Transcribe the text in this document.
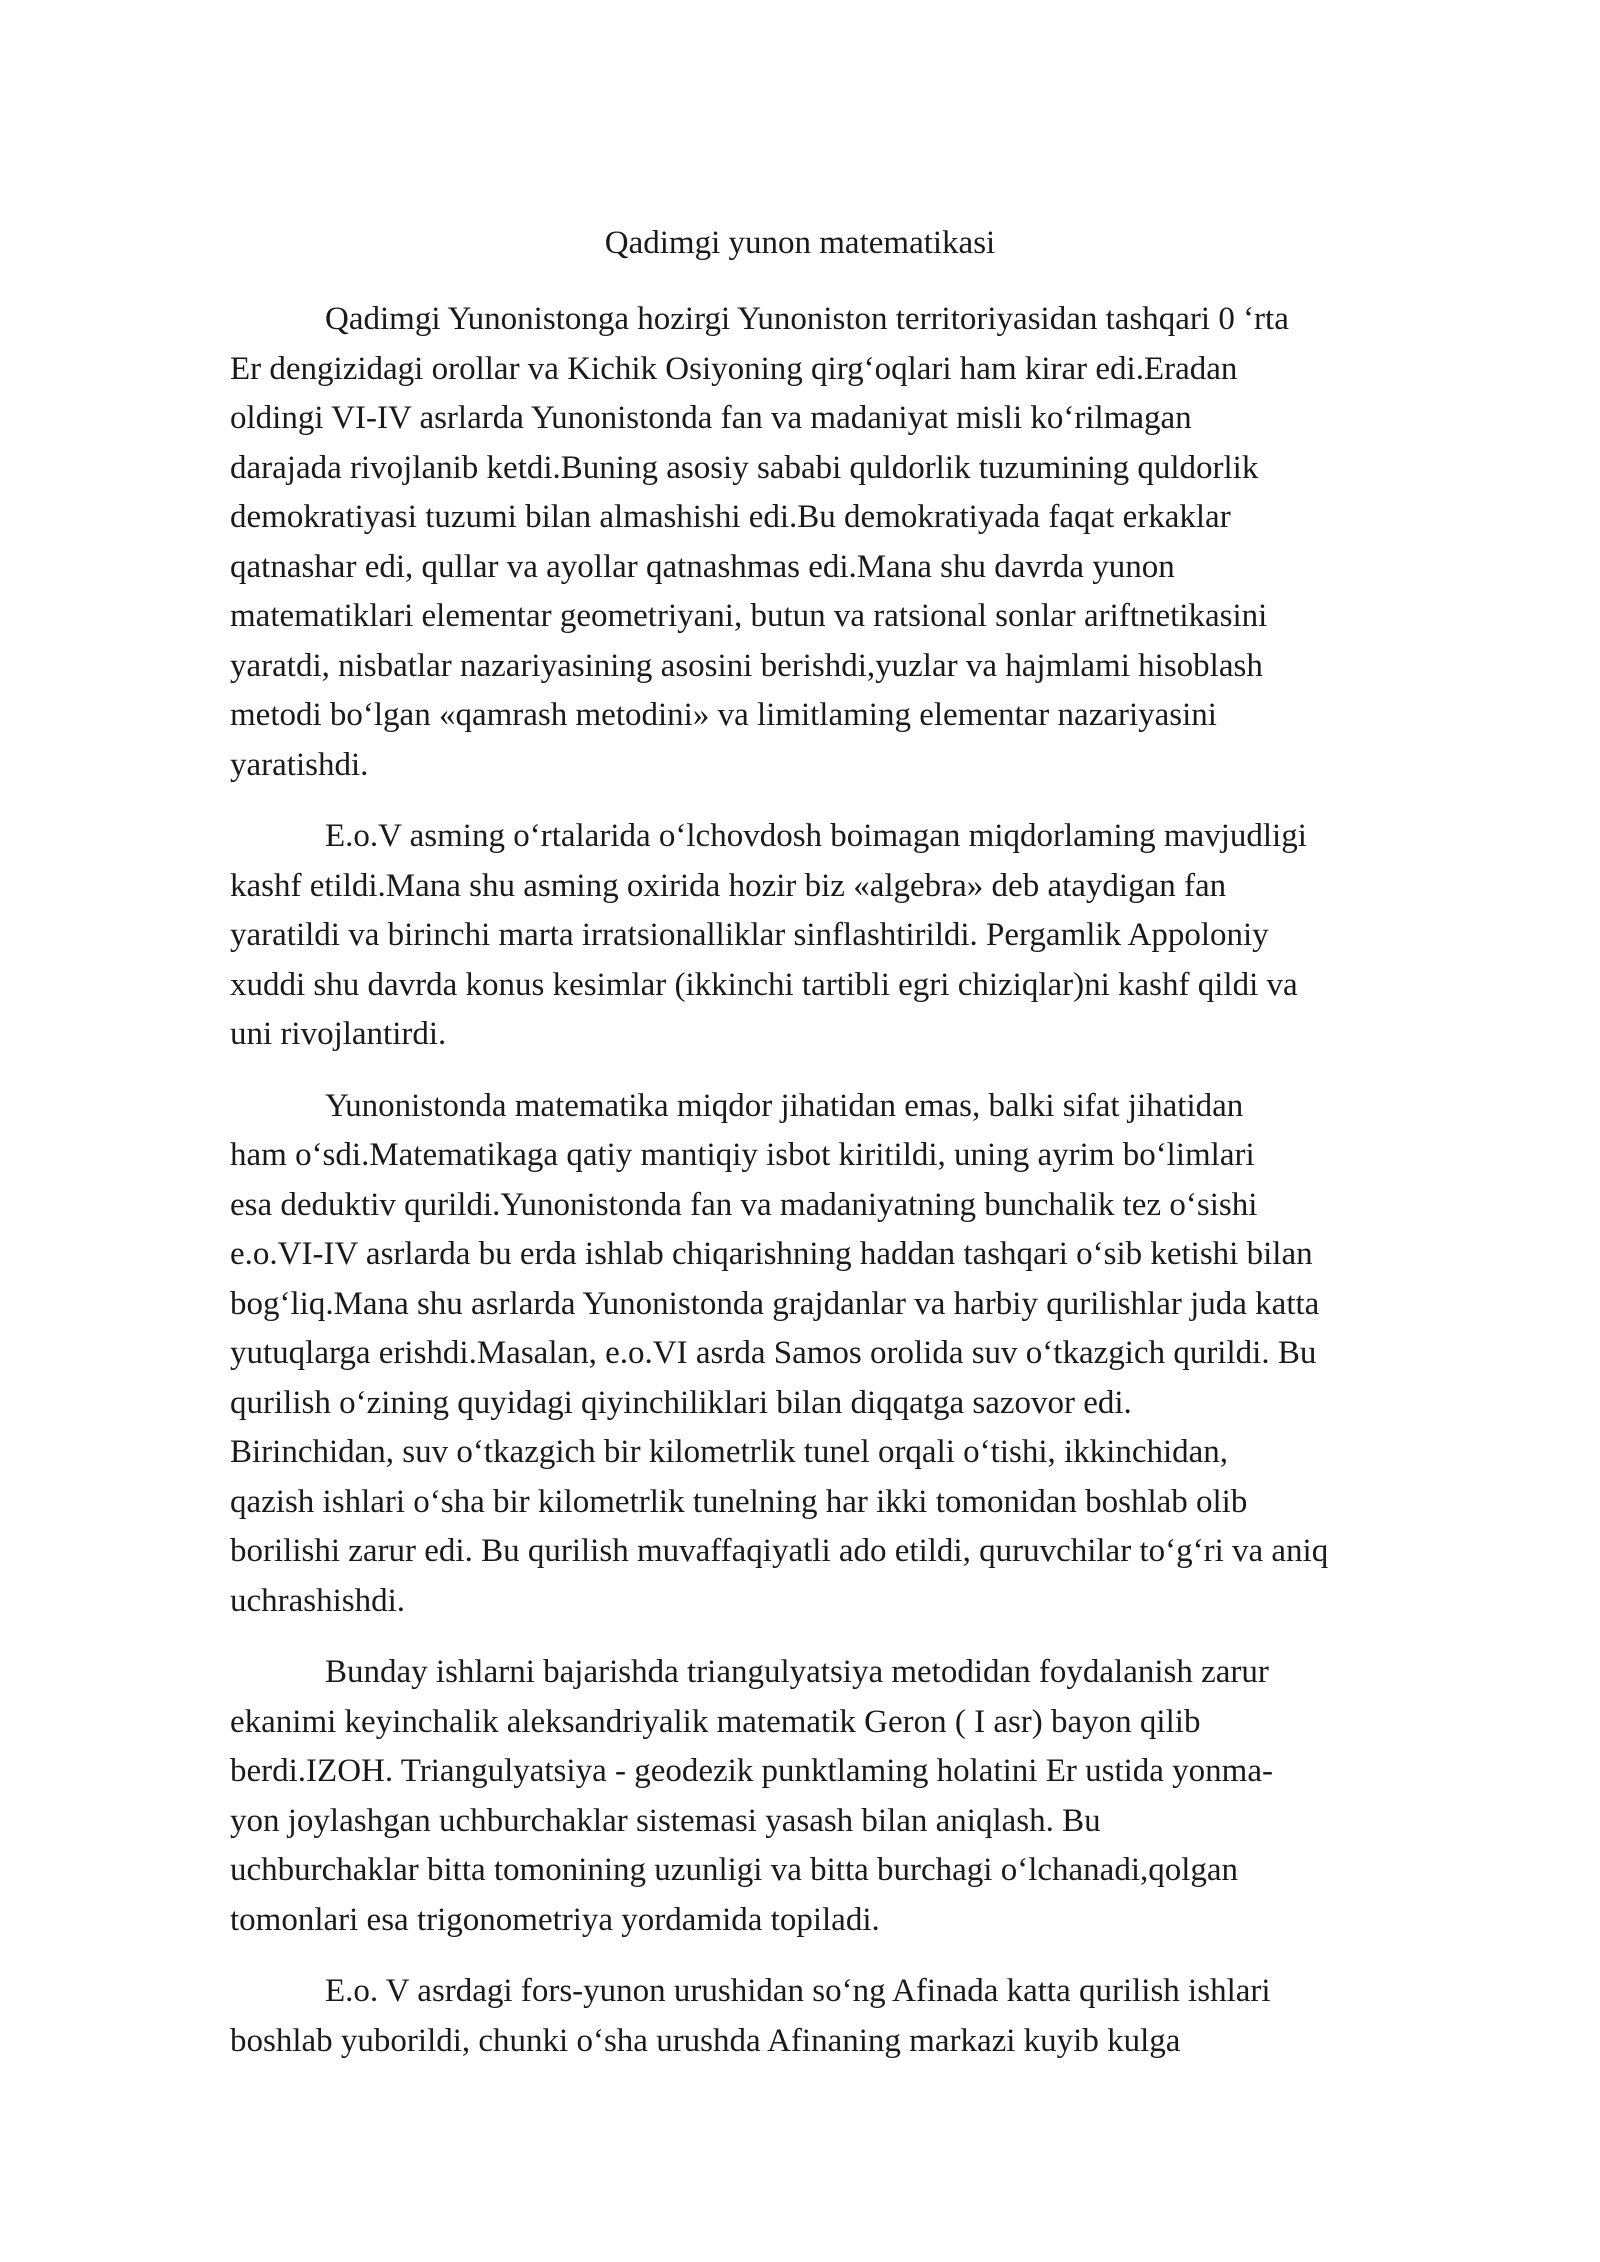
Qadimgi yunon matematikasi

Qadimgi Yunonistonga hozirgi Yunoniston territoriyasidan tashqari 0 ‘rta
Er dengizidagi orollar va Kichik Osiyoning qirg‘oqlari ham kirar edi.Eradan
oldingi VI-IV asrlarda Yunonistonda fan va madaniyat misli ko‘rilmagan
darajada rivojlanib ketdi.Buning asosiy sababi quldorlik tuzumining quldorlik
demokratiyasi tuzumi bilan almashishi edi.Bu demokratiyada faqat erkaklar
qatnashar edi, qullar va ayollar qatnashmas edi.Mana shu davrda yunon
matematiklari elementar geometriyani, butun va ratsional sonlar ariftnetikasini
yaratdi, nisbatlar nazariyasining asosini berishdi,yuzlar va hajmlami hisoblash
metodi bo‘lgan «qamrash metodini» va limitlaming elementar nazariyasini
yaratishdi.

E.o.V asming o‘rtalarida o‘lchovdosh boimagan miqdorlaming mavjudligi
kashf etildi.Mana shu asming oxirida hozir biz «algebra» deb ataydigan fan
yaratildi va birinchi marta irratsionalliklar sinflashtirildi. Pergamlik Appoloniy
xuddi shu davrda konus kesimlar (ikkinchi tartibli egri chiziqlar)ni kashf qildi va
uni rivojlantirdi.

Yunonistonda matematika miqdor jihatidan emas, balki sifat jihatidan
ham o‘sdi.Matematikaga qatiy mantiqiy isbot kiritildi, uning ayrim bo‘limlari
esa deduktiv qurildi.Yunonistonda fan va madaniyatning bunchalik tez o‘sishi
e.o.VI-IV asrlarda bu erda ishlab chiqarishning haddan tashqari o‘sib ketishi bilan
bog‘liq.Mana shu asrlarda Yunonistonda grajdanlar va harbiy qurilishlar juda katta
yutuqlarga erishdi.Masalan, e.o.VI asrda Samos orolida suv o‘tkazgich qurildi. Bu
qurilish o‘zining quyidagi qiyinchiliklari bilan diqqatga sazovor edi.
Birinchidan, suv o‘tkazgich bir kilometrlik tunel orqali o‘tishi, ikkinchidan,
qazish ishlari o‘sha bir kilometrlik tunelning har ikki tomonidan boshlab olib
borilishi zarur edi. Bu qurilish muvaffaqiyatli ado etildi, quruvchilar to‘g‘ri va aniq
uchrashishdi.

Bunday ishlarni bajarishda triangulyatsiya metodidan foydalanish zarur
ekanimi keyinchalik aleksandriyalik matematik Geron ( I asr) bayon qilib
berdi.IZOH. Triangulyatsiya - geodezik punktlaming holatini Er ustida yonma-
yon joylashgan uchburchaklar sistemasi yasash bilan aniqlash. Bu
uchburchaklar bitta tomonining uzunligi va bitta burchagi o‘lchanadi,qolgan
tomonlari esa trigonometriya yordamida topiladi.

E.o. V asrdagi fors-yunon urushidan so‘ng Afinada katta qurilish ishlari
boshlab yuborildi, chunki o‘sha urushda Afinaning markazi kuyib kulga
